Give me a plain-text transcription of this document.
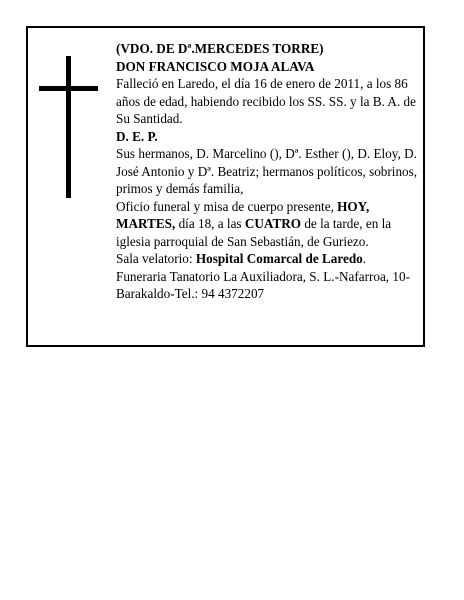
(VDO. DE Dª.MERCEDES TORRE)

DON FRANCISCO MOJA ALAVA

Falleció en Laredo, el día 16 de enero de 2011, a los 86 años de edad, habiendo recibido los SS. SS. y la B. A. de Su Santidad.

D. E. P.

Sus hermanos, D. Marcelino (), Dª. Esther (), D. Eloy, D. José Antonio y Dª. Beatriz; hermanos políticos, sobrinos, primos y demás familia,

Oficio funeral y misa de cuerpo presente, HOY, MARTES, día 18, a las CUATRO de la tarde, en la iglesia parroquial de San Sebastián, de Guriezo.

Sala velatorio: Hospital Comarcal de Laredo.

Funeraria Tanatorio La Auxiliadora, S. L.-Nafarroa, 10-Barakaldo-Tel.: 94 4372207
